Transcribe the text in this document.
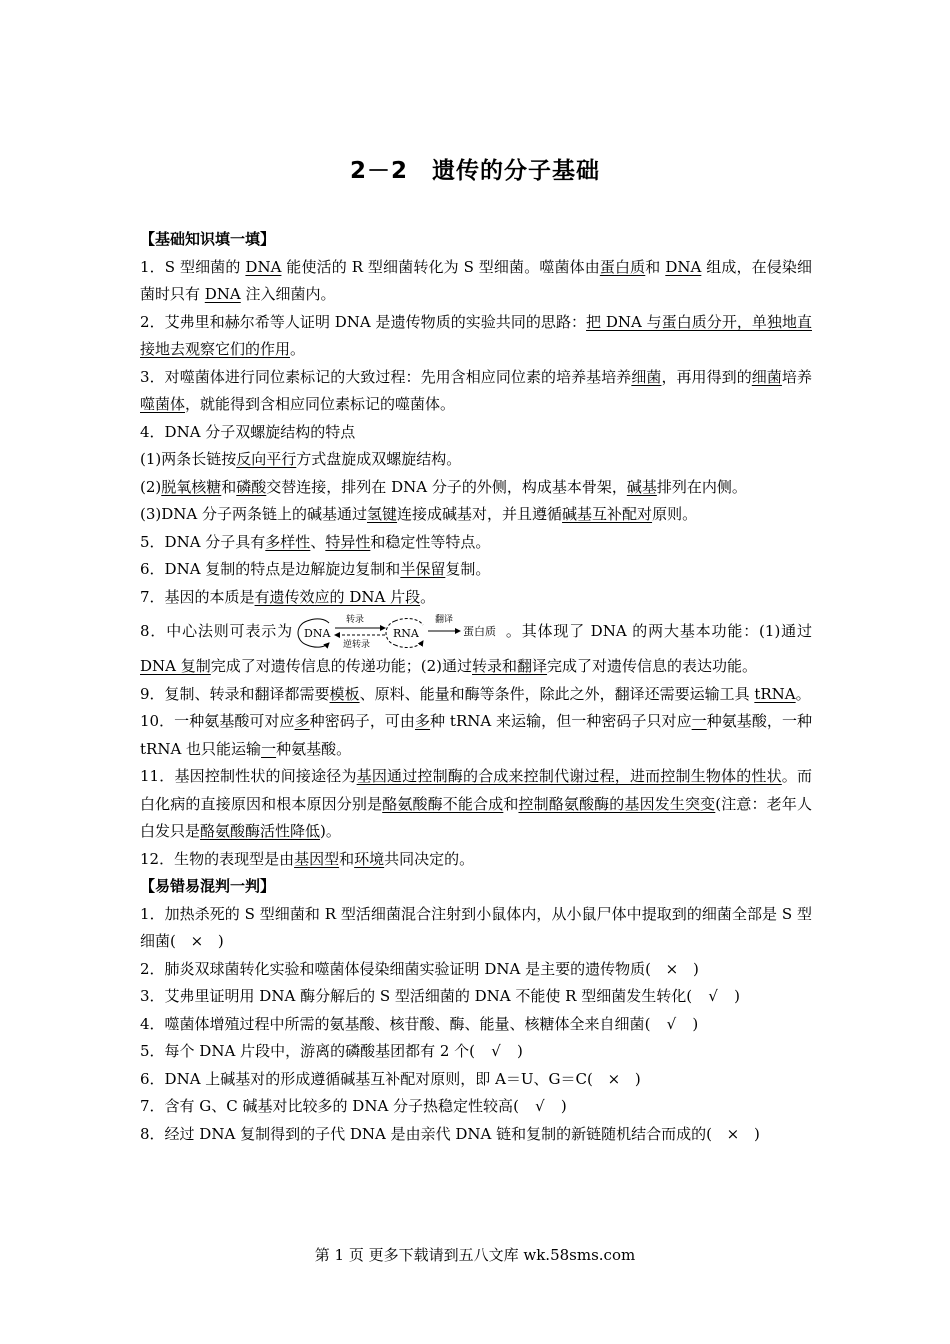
2－2　遗传的分子基础
【基础知识填一填】

1．S 型细菌的 DNA 能使活的 R 型细菌转化为 S 型细菌。噬菌体由蛋白质和 DNA 组成，在侵染细菌时只有 DNA 注入细菌内。

2．艾弗里和赫尔希等人证明 DNA 是遗传物质的实验共同的思路：把 DNA 与蛋白质分开，单独地直接地去观察它们的作用。

3．对噬菌体进行同位素标记的大致过程：先用含相应同位素的培养基培养细菌，再用得到的细菌培养噬菌体，就能得到含相应同位素标记的噬菌体。

4．DNA 分子双螺旋结构的特点

(1)两条长链按反向平行方式盘旋成双螺旋结构。

(2)脱氧核糖和磷酸交替连接，排列在 DNA 分子的外侧，构成基本骨架，碱基排列在内侧。

(3)DNA 分子两条链上的碱基通过氢键连接成碱基对，并且遵循碱基互补配对原则。

5．DNA 分子具有多样性、特异性和稳定性等特点。

6．DNA 复制的特点是边解旋边复制和半保留复制。

7．基因的本质是有遗传效应的 DNA 片段。

8．中心法则可表示为 DNA
转录
逆转录
RNA
翻译
蛋白质 。其体现了 DNA 的两大基本功能：(1)通过 DNA 复制完成了对遗传信息的传递功能；(2)通过转录和翻译完成了对遗传信息的表达功能。

9．复制、转录和翻译都需要模板、原料、能量和酶等条件，除此之外，翻译还需要运输工具 tRNA。

10．一种氨基酸可对应多种密码子，可由多种 tRNA 来运输，但一种密码子只对应一种氨基酸，一种 tRNA 也只能运输一种氨基酸。

11．基因控制性状的间接途径为基因通过控制酶的合成来控制代谢过程，进而控制生物体的性状。而白化病的直接原因和根本原因分别是酪氨酸酶不能合成和控制酪氨酸酶的基因发生突变(注意：老年人白发只是酪氨酸酶活性降低)。

12．生物的表现型是由基因型和环境共同决定的。

【易错易混判一判】

1．加热杀死的 S 型细菌和 R 型活细菌混合注射到小鼠体内，从小鼠尸体中提取到的细菌全部是 S 型细菌( × )

2．肺炎双球菌转化实验和噬菌体侵染细菌实验证明 DNA 是主要的遗传物质( × )

3．艾弗里证明用 DNA 酶分解后的 S 型活细菌的 DNA 不能使 R 型细菌发生转化( √ )

4．噬菌体增殖过程中所需的氨基酸、核苷酸、酶、能量、核糖体全来自细菌( √ )

5．每个 DNA 片段中，游离的磷酸基团都有 2 个( √ )

6．DNA 上碱基对的形成遵循碱基互补配对原则，即 A＝U、G＝C( × )

7．含有 G、C 碱基对比较多的 DNA 分子热稳定性较高( √ )

8．经过 DNA 复制得到的子代 DNA 是由亲代 DNA 链和复制的新链随机结合而成的( × )

第 1 页 更多下载请到五八文库 wk.58sms.com
